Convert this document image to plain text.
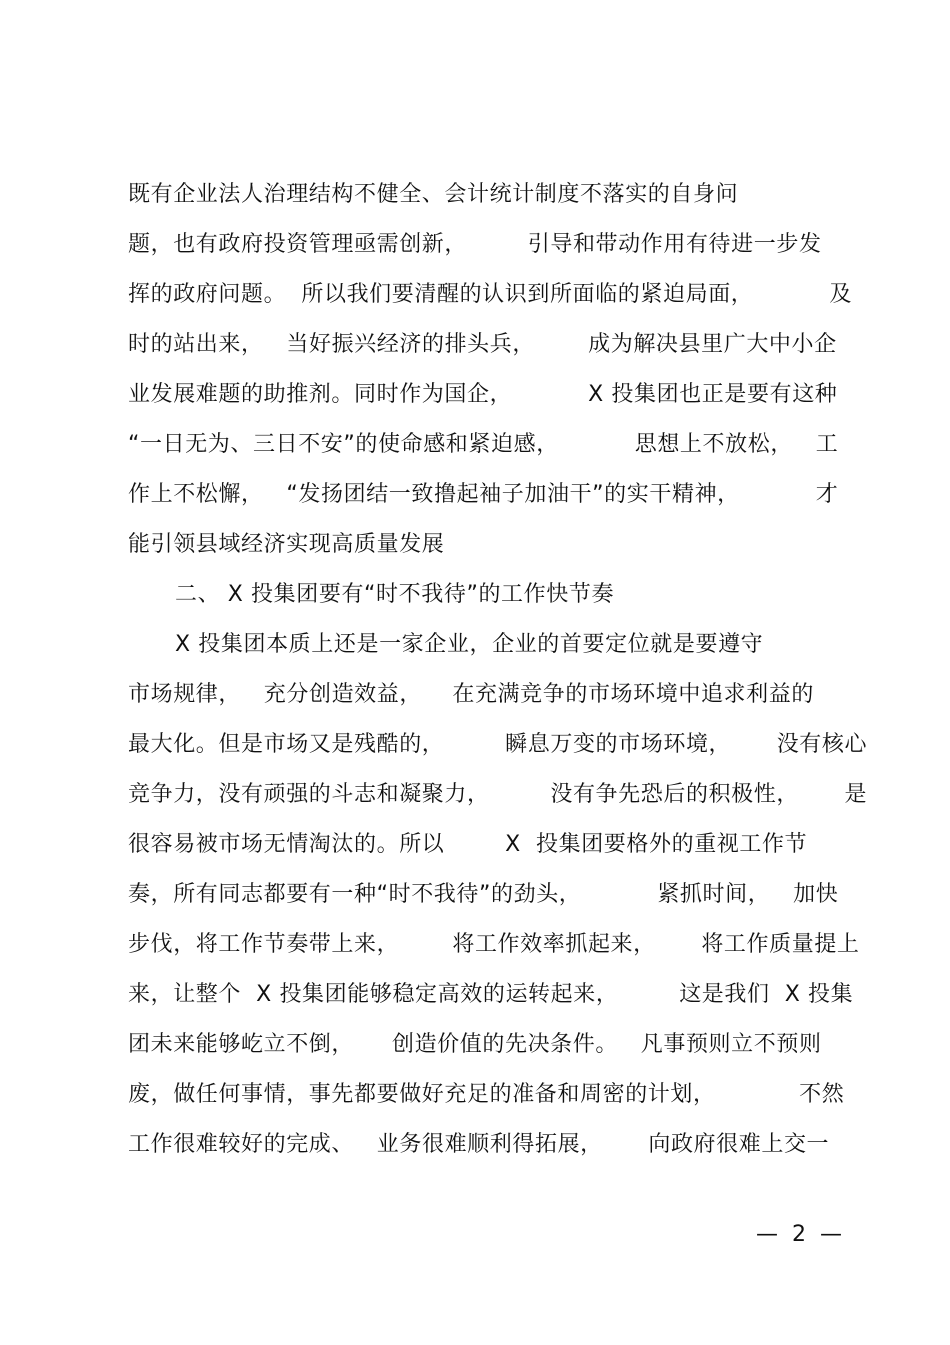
既有企业法人治理结构不健全、会计统计制度不落实的自身问
题，也有政府投资管理亟需创新，        引导和带动作用有待进一步发
挥的政府问题。  所以我们要清醒的认识到所面临的紧迫局面，          及
时的站出来，   当好振兴经济的排头兵，       成为解决县里广大中小企
业发展难题的助推剂。同时作为国企，          X 投集团也正是要有这种
“一日无为、三日不安”的使命感和紧迫感，          思想上不放松，   工
作上不松懈，   “发扬团结一致撸起袖子加油干”的实干精神，          才
能引领县域经济实现高质量发展
二、 X 投集团要有“时不我待”的工作快节奏
X 投集团本质上还是一家企业，企业的首要定位就是要遵守
市场规律，   充分创造效益，    在充满竞争的市场环境中追求利益的
最大化。但是市场又是残酷的，        瞬息万变的市场环境，      没有核心
竞争力，没有顽强的斗志和凝聚力，        没有争先恐后的积极性，      是
很容易被市场无情淘汰的。所以        X  投集团要格外的重视工作节
奏，所有同志都要有一种“时不我待”的劲头，          紧抓时间，   加快
步伐，将工作节奏带上来，       将工作效率抓起来，      将工作质量提上
来，让整个  X 投集团能够稳定高效的运转起来，        这是我们  X 投集
团未来能够屹立不倒，     创造价值的先决条件。   凡事预则立不预则
废，做任何事情，事先都要做好充足的准备和周密的计划，           不然
工作很难较好的完成、   业务很难顺利得拓展，      向政府很难上交一
—  2  —
